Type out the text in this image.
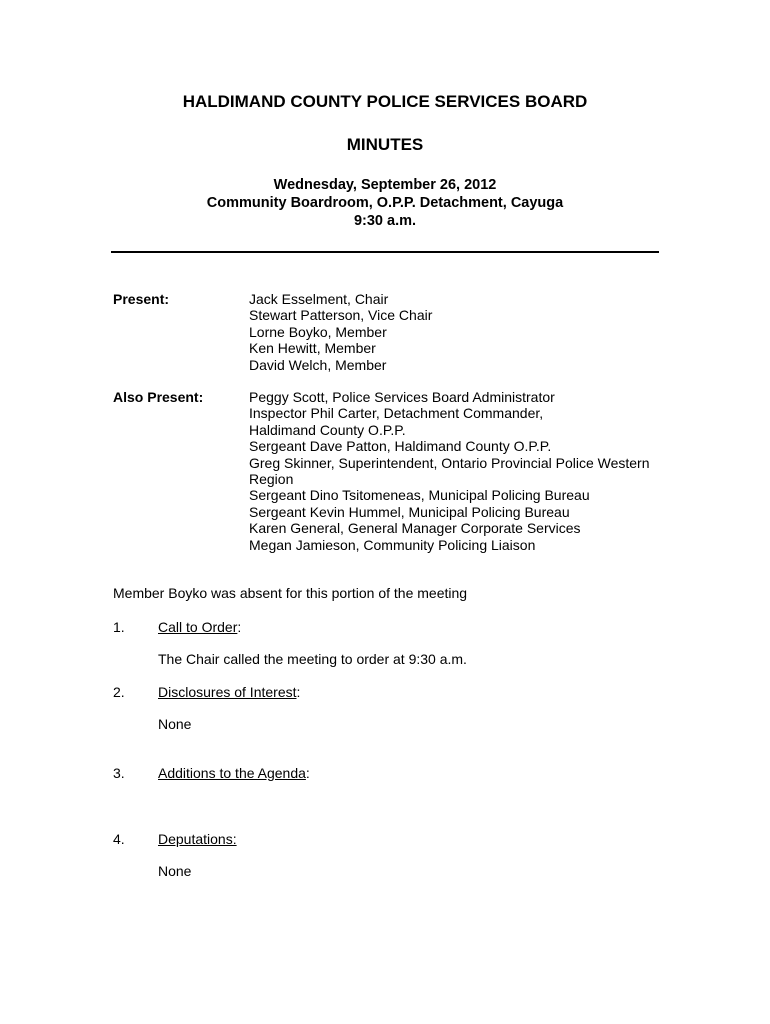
HALDIMAND COUNTY POLICE SERVICES BOARD
MINUTES
Wednesday, September 26, 2012
Community Boardroom, O.P.P. Detachment, Cayuga
9:30 a.m.
Present:	Jack Esselment, Chair
Stewart Patterson, Vice Chair
Lorne Boyko, Member
Ken Hewitt, Member
David Welch, Member
Also Present:	Peggy Scott, Police Services Board Administrator
Inspector Phil Carter, Detachment Commander,
Haldimand County O.P.P.
Sergeant Dave Patton, Haldimand County O.P.P.
Greg Skinner, Superintendent, Ontario Provincial Police Western
Region
Sergeant Dino Tsitomeneas, Municipal Policing Bureau
Sergeant Kevin Hummel, Municipal Policing Bureau
Karen General, General Manager Corporate Services
Megan Jamieson, Community Policing Liaison
Member Boyko was absent for this portion of the meeting
1. Call to Order:
The Chair called the meeting to order at 9:30 a.m.
2. Disclosures of Interest:
None
3. Additions to the Agenda:
4. Deputations:
None
